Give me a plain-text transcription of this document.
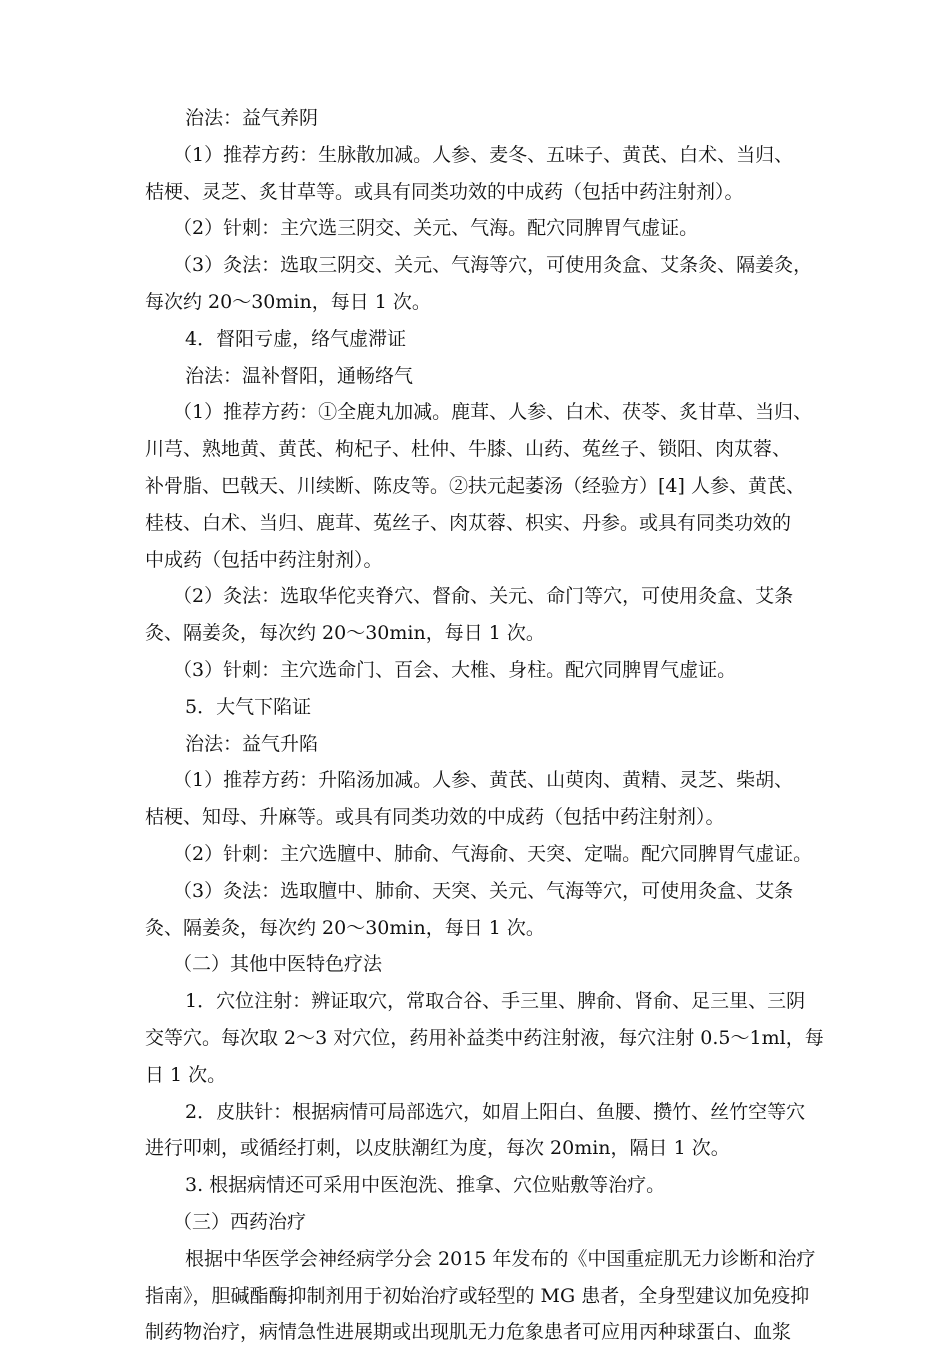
治法：益气养阴
（1）推荐方药：生脉散加减。人参、麦冬、五味子、黄芪、白术、当归、
桔梗、灵芝、炙甘草等。或具有同类功效的中成药（包括中药注射剂）。
（2）针刺：主穴选三阴交、关元、气海。配穴同脾胃气虚证。
（3）灸法：选取三阴交、关元、气海等穴，可使用灸盒、艾条灸、隔姜灸，
每次约 20～30min，每日 1 次。
4．督阳亏虚，络气虚滞证
治法：温补督阳，通畅络气
（1）推荐方药：①全鹿丸加减。鹿茸、人参、白术、茯苓、炙甘草、当归、
川芎、熟地黄、黄芪、枸杞子、杜仲、牛膝、山药、菟丝子、锁阳、肉苁蓉、
补骨脂、巴戟天、川续断、陈皮等。②扶元起萎汤（经验方）[4] 人参、黄芪、
桂枝、白术、当归、鹿茸、菟丝子、肉苁蓉、枳实、丹参。或具有同类功效的
中成药（包括中药注射剂）。
（2）灸法：选取华佗夹脊穴、督俞、关元、命门等穴，可使用灸盒、艾条
灸、隔姜灸，每次约 20～30min，每日 1 次。
（3）针刺：主穴选命门、百会、大椎、身柱。配穴同脾胃气虚证。
5．大气下陷证
治法：益气升陷
（1）推荐方药：升陷汤加减。人参、黄芪、山萸肉、黄精、灵芝、柴胡、
桔梗、知母、升麻等。或具有同类功效的中成药（包括中药注射剂）。
（2）针刺：主穴选膻中、肺俞、气海俞、天突、定喘。配穴同脾胃气虚证。
（3）灸法：选取膻中、肺俞、天突、关元、气海等穴，可使用灸盒、艾条
灸、隔姜灸，每次约 20～30min，每日 1 次。
（二）其他中医特色疗法
1．穴位注射：辨证取穴，常取合谷、手三里、脾俞、肾俞、足三里、三阴
交等穴。每次取 2～3 对穴位，药用补益类中药注射液，每穴注射 0.5～1ml，每
日 1 次。
2．皮肤针：根据病情可局部选穴，如眉上阳白、鱼腰、攒竹、丝竹空等穴
进行叩刺，或循经打刺，以皮肤潮红为度，每次 20min，隔日 1 次。
3. 根据病情还可采用中医泡洗、推拿、穴位贴敷等治疗。
（三）西药治疗
根据中华医学会神经病学分会 2015 年发布的《中国重症肌无力诊断和治疗
指南》，胆碱酯酶抑制剂用于初始治疗或轻型的 MG 患者，全身型建议加免疫抑
制药物治疗，病情急性进展期或出现肌无力危象患者可应用丙种球蛋白、血浆
